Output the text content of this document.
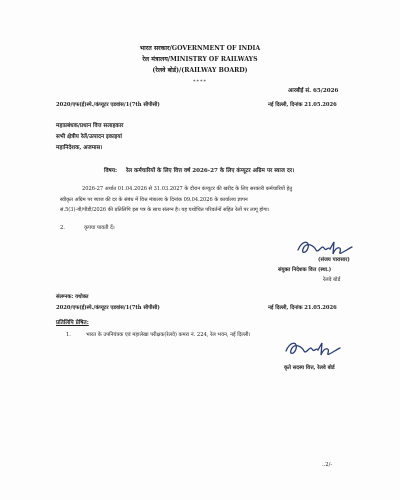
भारत सरकार/GOVERNMENT OF INDIA
रेल मंत्रालय/MINISTRY OF RAILWAYS
(रेलवे बोर्ड)/(RAILWAY BOARD)
****
आरबीई सं. 65/2026
2020/एफ(ई)स्पे./कंप्यूटर एडवांस/1(7th सीपीसी)	नई दिल्ली, दिनांक 21.05.2026
महाप्रबंधक/प्रधान वित्त सलाहकार
सभी क्षेत्रीय रेलें/उत्पादन इकाइयां
महानिदेशक, अजमास।
विषय: रेल कर्मचारियों के लिए वित्त वर्ष 2026-27 के लिए कंप्यूटर अग्रिम पर ब्याज दर।
2026-27 अर्थात 01.04.2026 से 31.03.2027 के दौरान कंप्यूटर की खरीद के लिए सरकारी कर्मचारियों हेतु
स्वीकृत अग्रिम पर ब्याज की दर के संबंध में वित्त मंत्रालय के दिनांक 09.04.2026 के कार्यालय ज्ञापन
सं.5(3)-बी/पीडी/2026 की प्रतिलिपि इस पत्र के साथ संलग्न है। यह यथोचित परिवर्तनों सहित रेलों पर लागू होगा।
2.	कृपया पावती दें।
(संजय पारासार)
संयुक्त निदेशक वित्त (स्था.)
रेलवे बोर्ड
संलग्नक: यथोक्त
2020/एफ(ई)स्पे./कंप्यूटर एडवांस/1(7th सीपीसी)	नई दिल्ली, दिनांक 21.05.2026
प्रतिलिपि प्रेषित:
1.	भारत के उपनियंत्रक एवं महालेखा परीक्षक(रेलवे) कमरा नं. 224, रेल भवन, नई दिल्ली।
कृते सदस्य वित्त, रेलवे बोर्ड
..2/-
